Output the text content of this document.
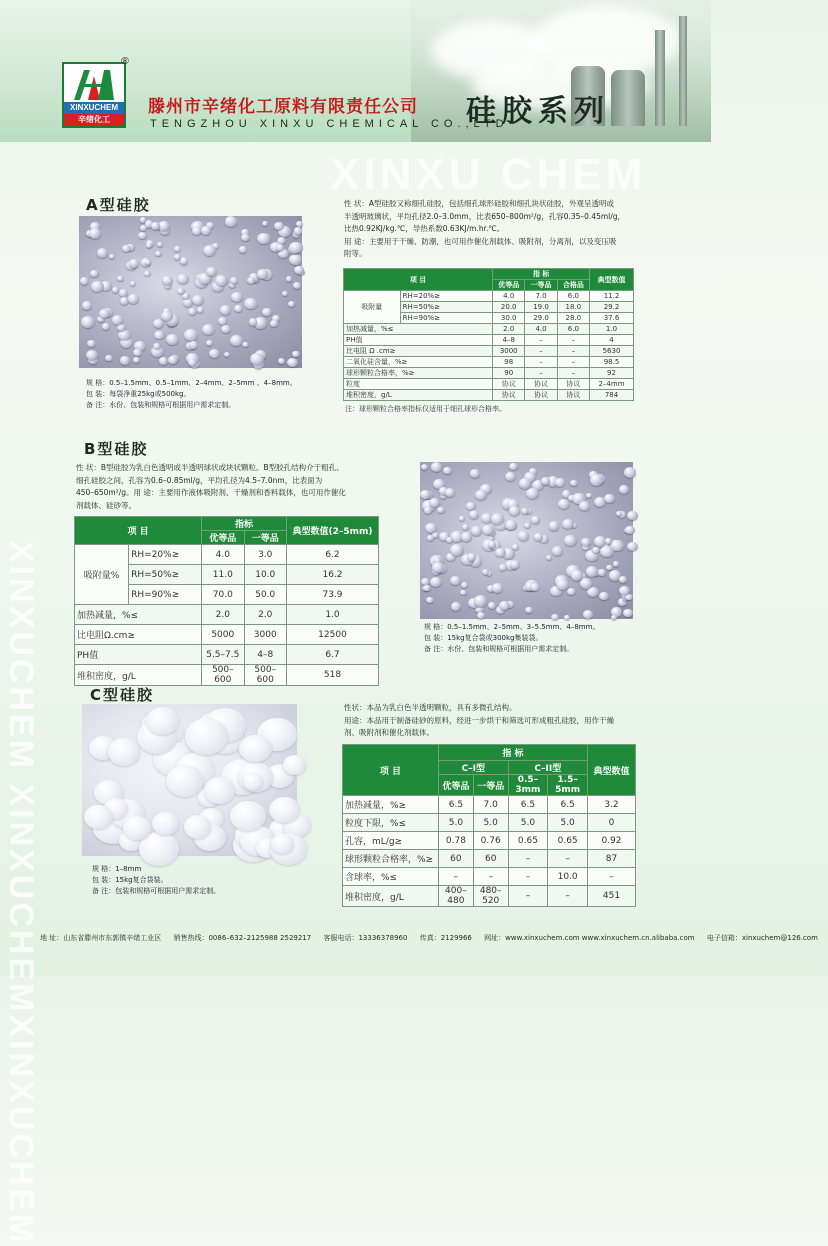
XINXUCHEM
辛绪化工
®
滕州市辛绪化工原料有限责任公司
TENGZHOU XINXU CHEMICAL CO.,LTD
硅胶系列
XINXU CHEM
XINXUCHEM XINXUCHEMXINXUCHEM
A型硅胶
规 格：0.5–1.5mm、0.5–1mm、2–4mm、2–5mm 、4–8mm。
包 装：每袋净重25kg或500kg。
备 注：水份、包装和规格可根据用户需求定制。
性 状：A型硅胶又称细孔硅胶，包括细孔球形硅胶和细孔块状硅胶，外观呈透明或
半透明玻璃状，平均孔径2.0–3.0mm，比表650–800m²/g，孔容0.35–0.45ml/g，
比热0.92KJ/kg.℃，导热系数0.63KJ/m.hr.℃。
用 途：主要用于干燥、防潮，也可用作催化剂载体、吸附剂，分离剂，以及变压吸
附等。
项 目		指 标			典型数值
		优等品	一等品	合格品	
吸附量	RH=20%≥	4.0	7.0	6.0	11.2
	RH=50%≥	20.0	19.0	18.0	29.2
	RH=90%≥	30.0	29.0	28.0	37.6
加热减量，%≤		2.0	4.0	6.0	1.0
PH值		4–8	–	–	4
比电阻 Ω .cm≥		3000	–	–	5630
二氧化硅含量，%≥		98	–	–	98.5
球形颗粒合格率，%≥		90	–	–	92
粒度		协议	协议	协议	2–4mm
堆积密度，g/L		协议	协议	协议	784
注：球形颗粒合格率指标仅适用于细孔球形合格率。
B型硅胶
性 状：B型硅胶为乳白色透明或半透明球状或块状颗粒。B型胶孔结构介于粗孔、
细孔硅胶之间，孔容为0.6–0.85ml/g，平均孔径为4.5–7.0nm，比表面为
450–650m²/g。用 途：主要用作液体吸附剂、干燥剂和香料载体，也可用作催化
剂载体、硅砂等。
项 目		指标		典型数值(2–5mm)
		优等品	一等品	
吸附量%	RH=20%≥	4.0	3.0	6.2
	RH=50%≥	11.0	10.0	16.2
	RH=90%≥	70.0	50.0	73.9
加热减量，%≤		2.0	2.0	1.0
比电阻Ω.cm≥		5000	3000	12500
PH值		5.5–7.5	4–8	6.7
堆积密度，g/L		500–600	500–600	518
规 格：0.5–1.5mm、2–5mm、3–5.5mm、4–8mm。
包 装：15kg复合袋或300kg集装袋。
备 注：水份、包装和规格可根据用户需求定制。
C型硅胶
规 格：1–8mm
包 装：15kg复合袋装。
备 注：包装和规格可根据用户需求定制。
性状：本品为乳白色半透明颗粒，具有多微孔结构。
用途：本品用于制备硅砂的原料，经进一步烘干和筛选可形成粗孔硅胶，用作干燥
剂、吸附剂和催化剂载体。
项 目	指 标				典型数值
	C–I型		C–II型		
	优等品	一等品	0.5–3mm	1.5–5mm	
加热减量，%≥	6.5	7.0	6.5	6.5	3.2
粒度下限，%≤	5.0	5.0	5.0	5.0	0
孔容，mL/g≥	0.78	0.76	0.65	0.65	0.92
球形颗粒合格率，%≥	60	60	–	–	87
含球率，%≤	–	–	–	10.0	–
堆积密度，g/L	400–480	480–520	–	–	451
地 址：山东省滕州市东郭镇辛绪工业区 销售热线：0086–632–2125988 2529217 客服电话：13336378960 传真：2129966 网址：www.xinxuchem.com www.xinxuchem.cn.alibaba.com 电子信箱：xinxuchem@126.com
